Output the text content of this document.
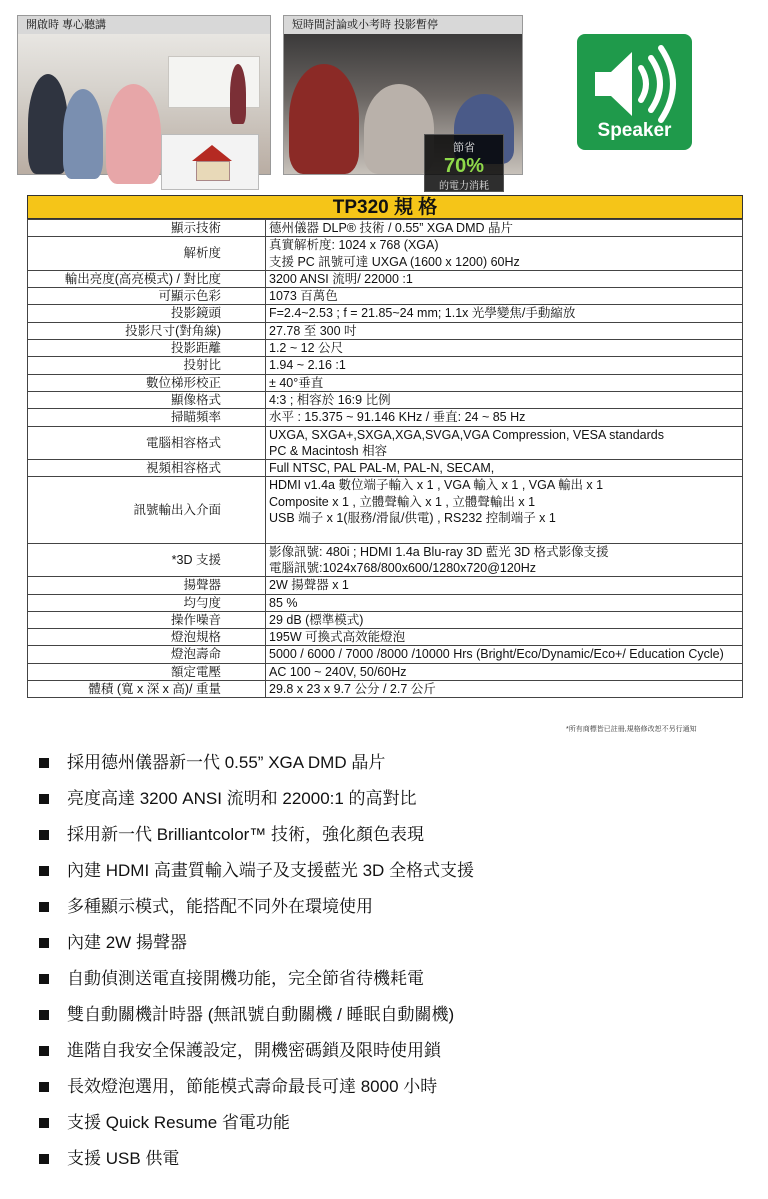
開啟時 專心聽講	短時間討論或小考時 投影暫停
節省
70%
的電力消耗
Speaker
TP320 規 格
顯示技術	德州儀器 DLP® 技術 / 0.55” XGA DMD 晶片

解析度	真實解析度: 1024 x 768 (XGA)
支援 PC 訊號可達 UXGA (1600 x 1200) 60Hz

輸出亮度(高亮模式) / 對比度	3200 ANSI 流明/ 22000 :1

可顯示色彩	1073 百萬色

投影鏡頭	F=2.4~2.53 ; f = 21.85~24 mm; 1.1x 光學變焦/手動縮放

投影尺寸(對角線)	27.78 至 300 吋

投影距離	1.2 ~ 12 公尺

投射比	1.94 ~ 2.16 :1

數位梯形校正	± 40°垂直

顯像格式	4:3 ; 相容於 16:9 比例

掃瞄頻率	水平 : 15.375 ~ 91.146 KHz / 垂直: 24 ~ 85 Hz

電腦相容格式	UXGA, SXGA+,SXGA,XGA,SVGA,VGA Compression, VESA standards
PC & Macintosh 相容

視頻相容格式	Full NTSC, PAL PAL-M, PAL-N, SECAM,

訊號輸出入介面	HDMI v1.4a 數位端子輸入 x 1 , VGA 輸入 x 1 , VGA 輸出 x 1
Composite x 1 , 立體聲輸入 x 1 , 立體聲輸出 x 1
USB 端子 x 1(服務/滑鼠/供電) , RS232 控制端子 x 1

*3D 支援	影像訊號: 480i ; HDMI 1.4a Blu-ray 3D 藍光 3D 格式影像支援
電腦訊號:1024x768/800x600/1280x720@120Hz

揚聲器	2W 揚聲器 x 1

均勻度	85 %

操作噪音	29 dB (標準模式)

燈泡規格	195W 可換式高效能燈泡

燈泡壽命	5000 / 6000 / 7000 /8000 /10000 Hrs (Bright/Eco/Dynamic/Eco+/ Education Cycle)

額定電壓	AC 100 ~ 240V, 50/60Hz

體積 (寬 x 深 x 高)/ 重量	29.8 x 23 x 9.7 公分 / 2.7 公斤
*所有商標皆已註冊,規格修改恕不另行通知
採用德州儀器新一代 0.55” XGA DMD 晶片
亮度高達 3200 ANSI 流明和 22000:1 的高對比
採用新一代 Brilliantcolor™ 技術，強化顏色表現
內建 HDMI 高畫質輸入端子及支援藍光 3D 全格式支援
多種顯示模式，能搭配不同外在環境使用
內建 2W 揚聲器
自動偵測送電直接開機功能，完全節省待機耗電
雙自動關機計時器 (無訊號自動關機 / 睡眠自動關機)
進階自我安全保護設定，開機密碼鎖及限時使用鎖
長效燈泡選用，節能模式壽命最長可達 8000 小時
支援 Quick Resume 省電功能
支援 USB 供電
